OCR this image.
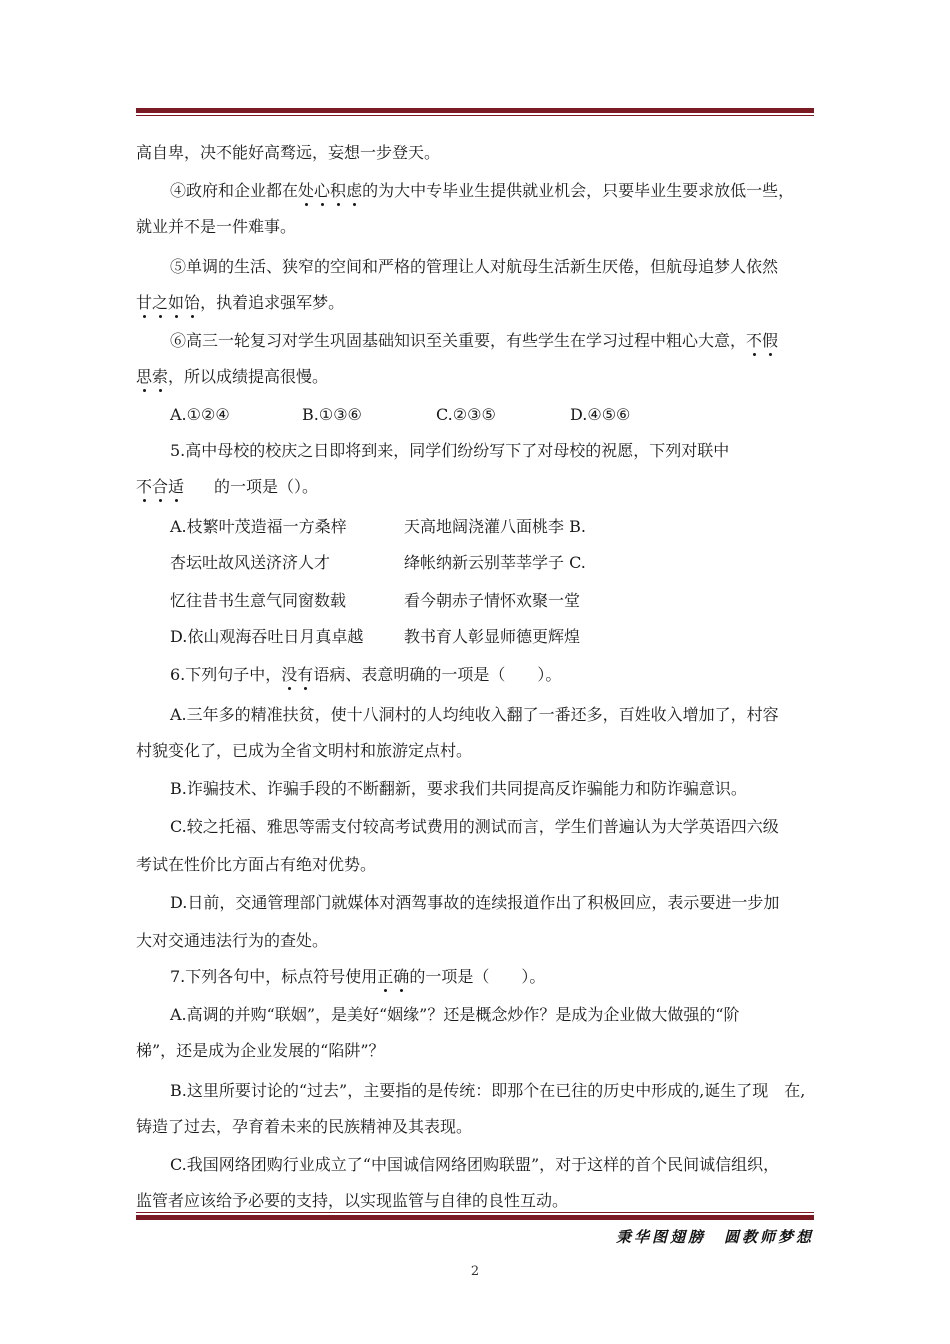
高自卑，决不能好高骛远，妄想一步登天。
④政府和企业都在处心积虑的为大中专毕业生提供就业机会，只要毕业生要求放低一些，
就业并不是一件难事。
⑤单调的生活、狭窄的空间和严格的管理让人对航母生活新生厌倦，但航母追梦人依然
甘之如饴，执着追求强军梦。
⑥高三一轮复习对学生巩固基础知识至关重要，有些学生在学习过程中粗心大意，不假
思索，所以成绩提高很慢。
A.①②④	B.①③⑥	C.②③⑤	D.④⑤⑥
5.高中母校的校庆之日即将到来，同学们纷纷写下了对母校的祝愿，下列对联中
不合适 的一项是（）。
A.枝繁叶茂造福一方桑梓	天高地阔浇灌八面桃李 B.
杏坛吐故风送济济人才	绛帐纳新云别莘莘学子 C.
忆往昔书生意气同窗数载	看今朝赤子情怀欢聚一堂
D.依山观海吞吐日月真卓越	教书育人彰显师德更辉煌
6.下列句子中，没有语病、表意明确的一项是（　　）。
A.三年多的精准扶贫，使十八洞村的人均纯收入翻了一番还多，百姓收入增加了，村容
村貌变化了，已成为全省文明村和旅游定点村。
B.诈骗技术、诈骗手段的不断翻新，要求我们共同提高反诈骗能力和防诈骗意识。
C.较之托福、雅思等需支付较高考试费用的测试而言，学生们普遍认为大学英语四六级
考试在性价比方面占有绝对优势。
D.日前，交通管理部门就媒体对酒驾事故的连续报道作出了积极回应，表示要进一步加
大对交通违法行为的查处。
7.下列各句中，标点符号使用正确的一项是（　　）。
A.高调的并购“联姻”，是美好“姻缘”？还是概念炒作？是成为企业做大做强的“阶
梯”，还是成为企业发展的“陷阱”？
B.这里所要讨论的“过去”，主要指的是传统：即那个在已往的历史中形成的,诞生了现　在,
铸造了过去，孕育着未来的民族精神及其表现。
C.我国网络团购行业成立了“中国诚信网络团购联盟”，对于这样的首个民间诚信组织，
监管者应该给予必要的支持，以实现监管与自律的良性互动。
秉华图翅膀　圆教师梦想
2
